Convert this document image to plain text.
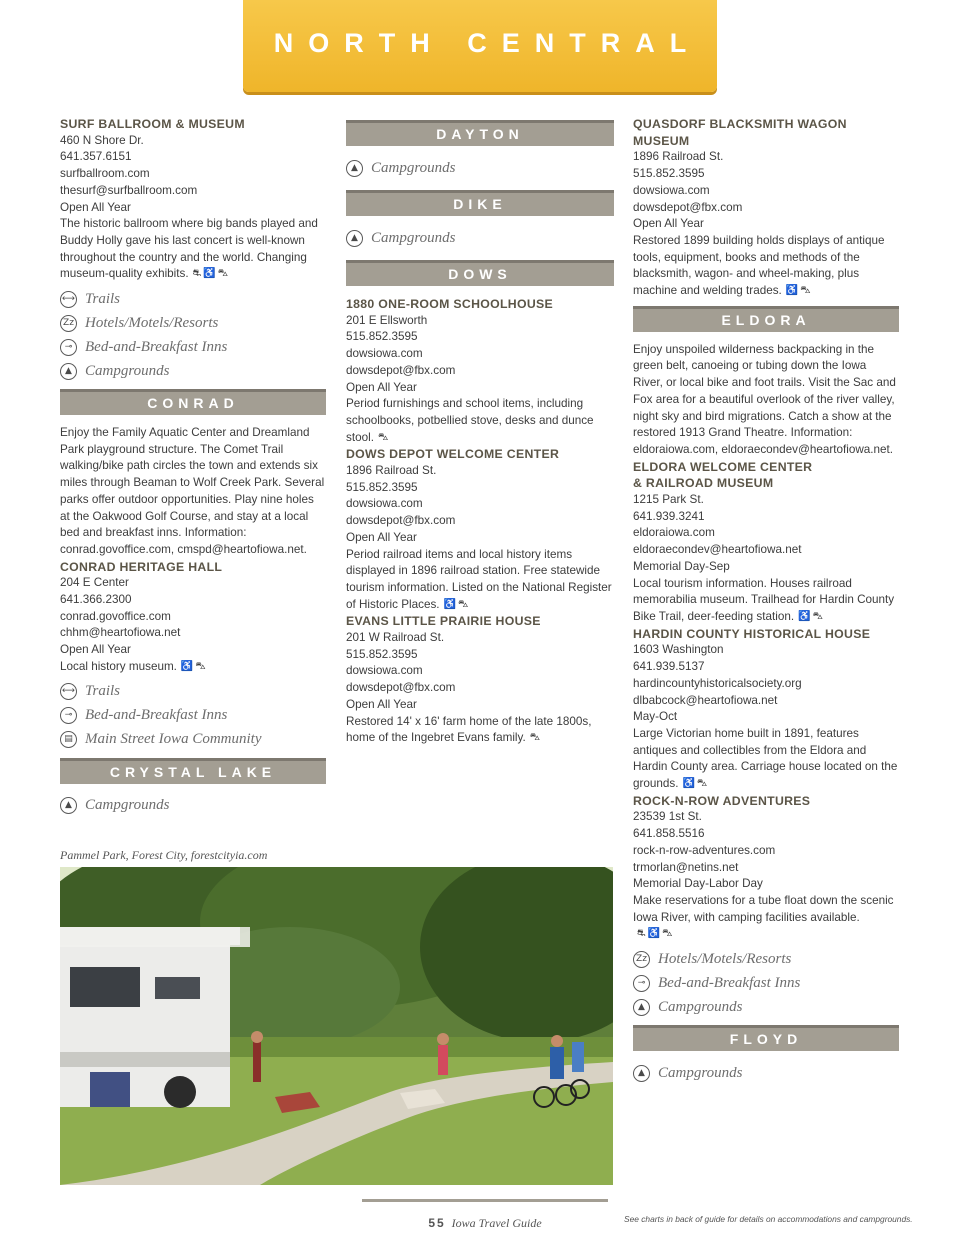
NORTH CENTRAL
SURF BALLROOM & MUSEUM
460 N Shore Dr.
641.357.6151
surfballroom.com
thesurf@surfballroom.com
Open All Year
The historic ballroom where big bands played and Buddy Holly gave his last concert is well-known throughout the country and the world. Changing museum-quality exhibits. ⛐♿⛍
⟷ Trails
Zz Hotels/Motels/Resorts
⊸ Bed-and-Breakfast Inns
▲ Campgrounds
CONRAD
Enjoy the Family Aquatic Center and Dreamland Park playground structure. The Comet Trail walking/bike path circles the town and extends six miles through Beaman to Wolf Creek Park. Several parks offer outdoor opportunities. Play nine holes at the Oakwood Golf Course, and stay at a local bed and breakfast inns. Information: conrad.govoffice.com, cmspd@heartofiowa.net.
CONRAD HERITAGE HALL
204 E Center
641.366.2300
conrad.govoffice.com
chhm@heartofiowa.net
Open All Year
Local history museum. ♿⛍
⟷ Trails
⊸ Bed-and-Breakfast Inns
▤ Main Street Iowa Community
CRYSTAL LAKE
▲ Campgrounds
DAYTON
▲ Campgrounds
DIKE
▲ Campgrounds
DOWS
1880 ONE-ROOM SCHOOLHOUSE
201 E Ellsworth
515.852.3595
dowsiowa.com
dowsdepot@fbx.com
Open All Year
Period furnishings and school items, including schoolbooks, potbellied stove, desks and dunce stool. ⛍
DOWS DEPOT WELCOME CENTER
1896 Railroad St.
515.852.3595
dowsiowa.com
dowsdepot@fbx.com
Open All Year
Period railroad items and local history items displayed in 1896 railroad station. Free statewide tourism information. Listed on the National Register of Historic Places. ♿⛍
EVANS LITTLE PRAIRIE HOUSE
201 W Railroad St.
515.852.3595
dowsiowa.com
dowsdepot@fbx.com
Open All Year
Restored 14' x 16' farm home of the late 1800s, home of the Ingebret Evans family. ⛍
QUASDORF BLACKSMITH WAGON MUSEUM
1896 Railroad St.
515.852.3595
dowsiowa.com
dowsdepot@fbx.com
Open All Year
Restored 1899 building holds displays of antique tools, equipment, books and methods of the blacksmith, wagon- and wheel-making, plus machine and welding trades. ♿⛍
ELDORA
Enjoy unspoiled wilderness backpacking in the green belt, canoeing or tubing down the Iowa River, or local bike and foot trails. Visit the Sac and Fox area for a beautiful overlook of the river valley, night sky and bird migrations. Catch a show at the restored 1913 Grand Theatre. Information: eldoraiowa.com, eldoraecondev@heartofiowa.net.
ELDORA WELCOME CENTER
& RAILROAD MUSEUM
1215 Park St.
641.939.3241
eldoraiowa.com
eldoraecondev@heartofiowa.net
Memorial Day-Sep
Local tourism information. Houses railroad memorabilia museum. Trailhead for Hardin County Bike Trail, deer-feeding station. ♿⛍
HARDIN COUNTY HISTORICAL HOUSE
1603 Washington
641.939.5137
hardincountyhistoricalsociety.org
dlbabcock@heartofiowa.net
May-Oct
Large Victorian home built in 1891, features antiques and collectibles from the Eldora and Hardin County area. Carriage house located on the grounds. ♿⛍
ROCK-N-ROW ADVENTURES
23539 1st St.
641.858.5516
rock-n-row-adventures.com
trmorlan@netins.net
Memorial Day-Labor Day
Make reservations for a tube float down the scenic Iowa River, with camping facilities available.⛐♿⛍
Zz Hotels/Motels/Resorts
⊸ Bed-and-Breakfast Inns
▲ Campgrounds
FLOYD
▲ Campgrounds
Pammel Park, Forest City, forestcityia.com
55 Iowa Travel Guide	See charts in back of guide for details on accommodations and campgrounds.
